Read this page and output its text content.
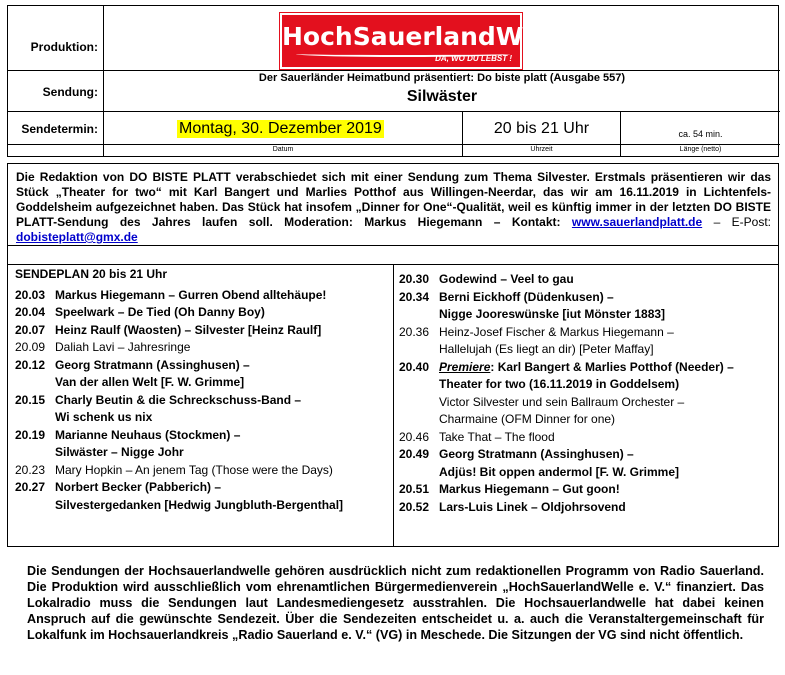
Produktion:
Sendung:
Sendetermin:
HochSauerlandWelle
DA, WO DU LEBST !
Der Sauerländer Heimatbund präsentiert: Do biste platt (Ausgabe 557)
Silwäster
Montag, 30. Dezember 2019
Datum
20 bis 21 Uhr
Uhrzeit
ca. 54 min.
Länge (netto)

Die Redaktion von DO BISTE PLATT verabschiedet sich mit einer Sendung zum Thema Silvester. Erstmals präsentieren wir das Stück „Theater for two“ mit Karl Bangert und Marlies Potthof aus Willingen-Neerdar, das wir am 16.11.2019 in Lichtenfels-Goddelsheim aufgezeichnet haben. Das Stück hat insofem „Dinner for One“-Qualität, weil es künftig immer in der letzten DO BISTE PLATT-Sendung des Jahres laufen soll. Moderation: Markus Hiegemann – Kontakt: www.sauerlandplatt.de – E-Post: dobisteplatt@gmx.de

SENDEPLAN 20 bis 21 Uhr
20.03 Markus Hiegemann – Gurren Obend alltehäupe!
20.04 Speelwark – De Tied (Oh Danny Boy)
20.07 Heinz Raulf (Waosten) – Silvester [Heinz Raulf]
20.09 Daliah Lavi – Jahresringe
20.12 Georg Stratmann (Assinghusen) –
Van der allen Welt [F. W. Grimme]
20.15 Charly Beutin & die Schreckschuss-Band –
Wi schenk us nix
20.19 Marianne Neuhaus (Stockmen) –
Silwäster – Nigge Johr
20.23 Mary Hopkin – An jenem Tag (Those were the Days)
20.27 Norbert Becker (Pabberich) –
Silvestergedanken [Hedwig Jungbluth-Bergenthal]
20.30 Godewind – Veel to gau
20.34 Berni Eickhoff (Düdenkusen) –
Nigge Jooreswünske [iut Mönster 1883]
20.36 Heinz-Josef Fischer & Markus Hiegemann –
Hallelujah (Es liegt an dir) [Peter Maffay]
20.40 Premiere: Karl Bangert & Marlies Potthof (Needer) –
Theater for two (16.11.2019 in Goddelsem)
Victor Silvester und sein Ballraum Orchester –
Charmaine (OFM Dinner for one)
20.46 Take That – The flood
20.49 Georg Stratmann (Assinghusen) –
Adjüs! Bit oppen andermol [F. W. Grimme]
20.51 Markus Hiegemann – Gut goon!
20.52 Lars-Luis Linek – Oldjohrsovend
Die Sendungen der Hochsauerlandwelle gehören ausdrücklich nicht zum redaktionellen Programm von Radio Sauerland. Die Produktion wird ausschließlich vom ehrenamtlichen Bürgermedienverein „HochSauerlandWelle e. V.“ finanziert. Das Lokalradio muss die Sendungen laut Landesmediengesetz ausstrahlen. Die Hochsauerlandwelle hat dabei keinen Anspruch auf die gewünschte Sendezeit. Über die Sendezeiten entscheidet u. a. auch die Veranstaltergemeinschaft für Lokalfunk im Hochsauerlandkreis „Radio Sauerland e. V.“ (VG) in Meschede. Die Sitzungen der VG sind nicht öffentlich.
